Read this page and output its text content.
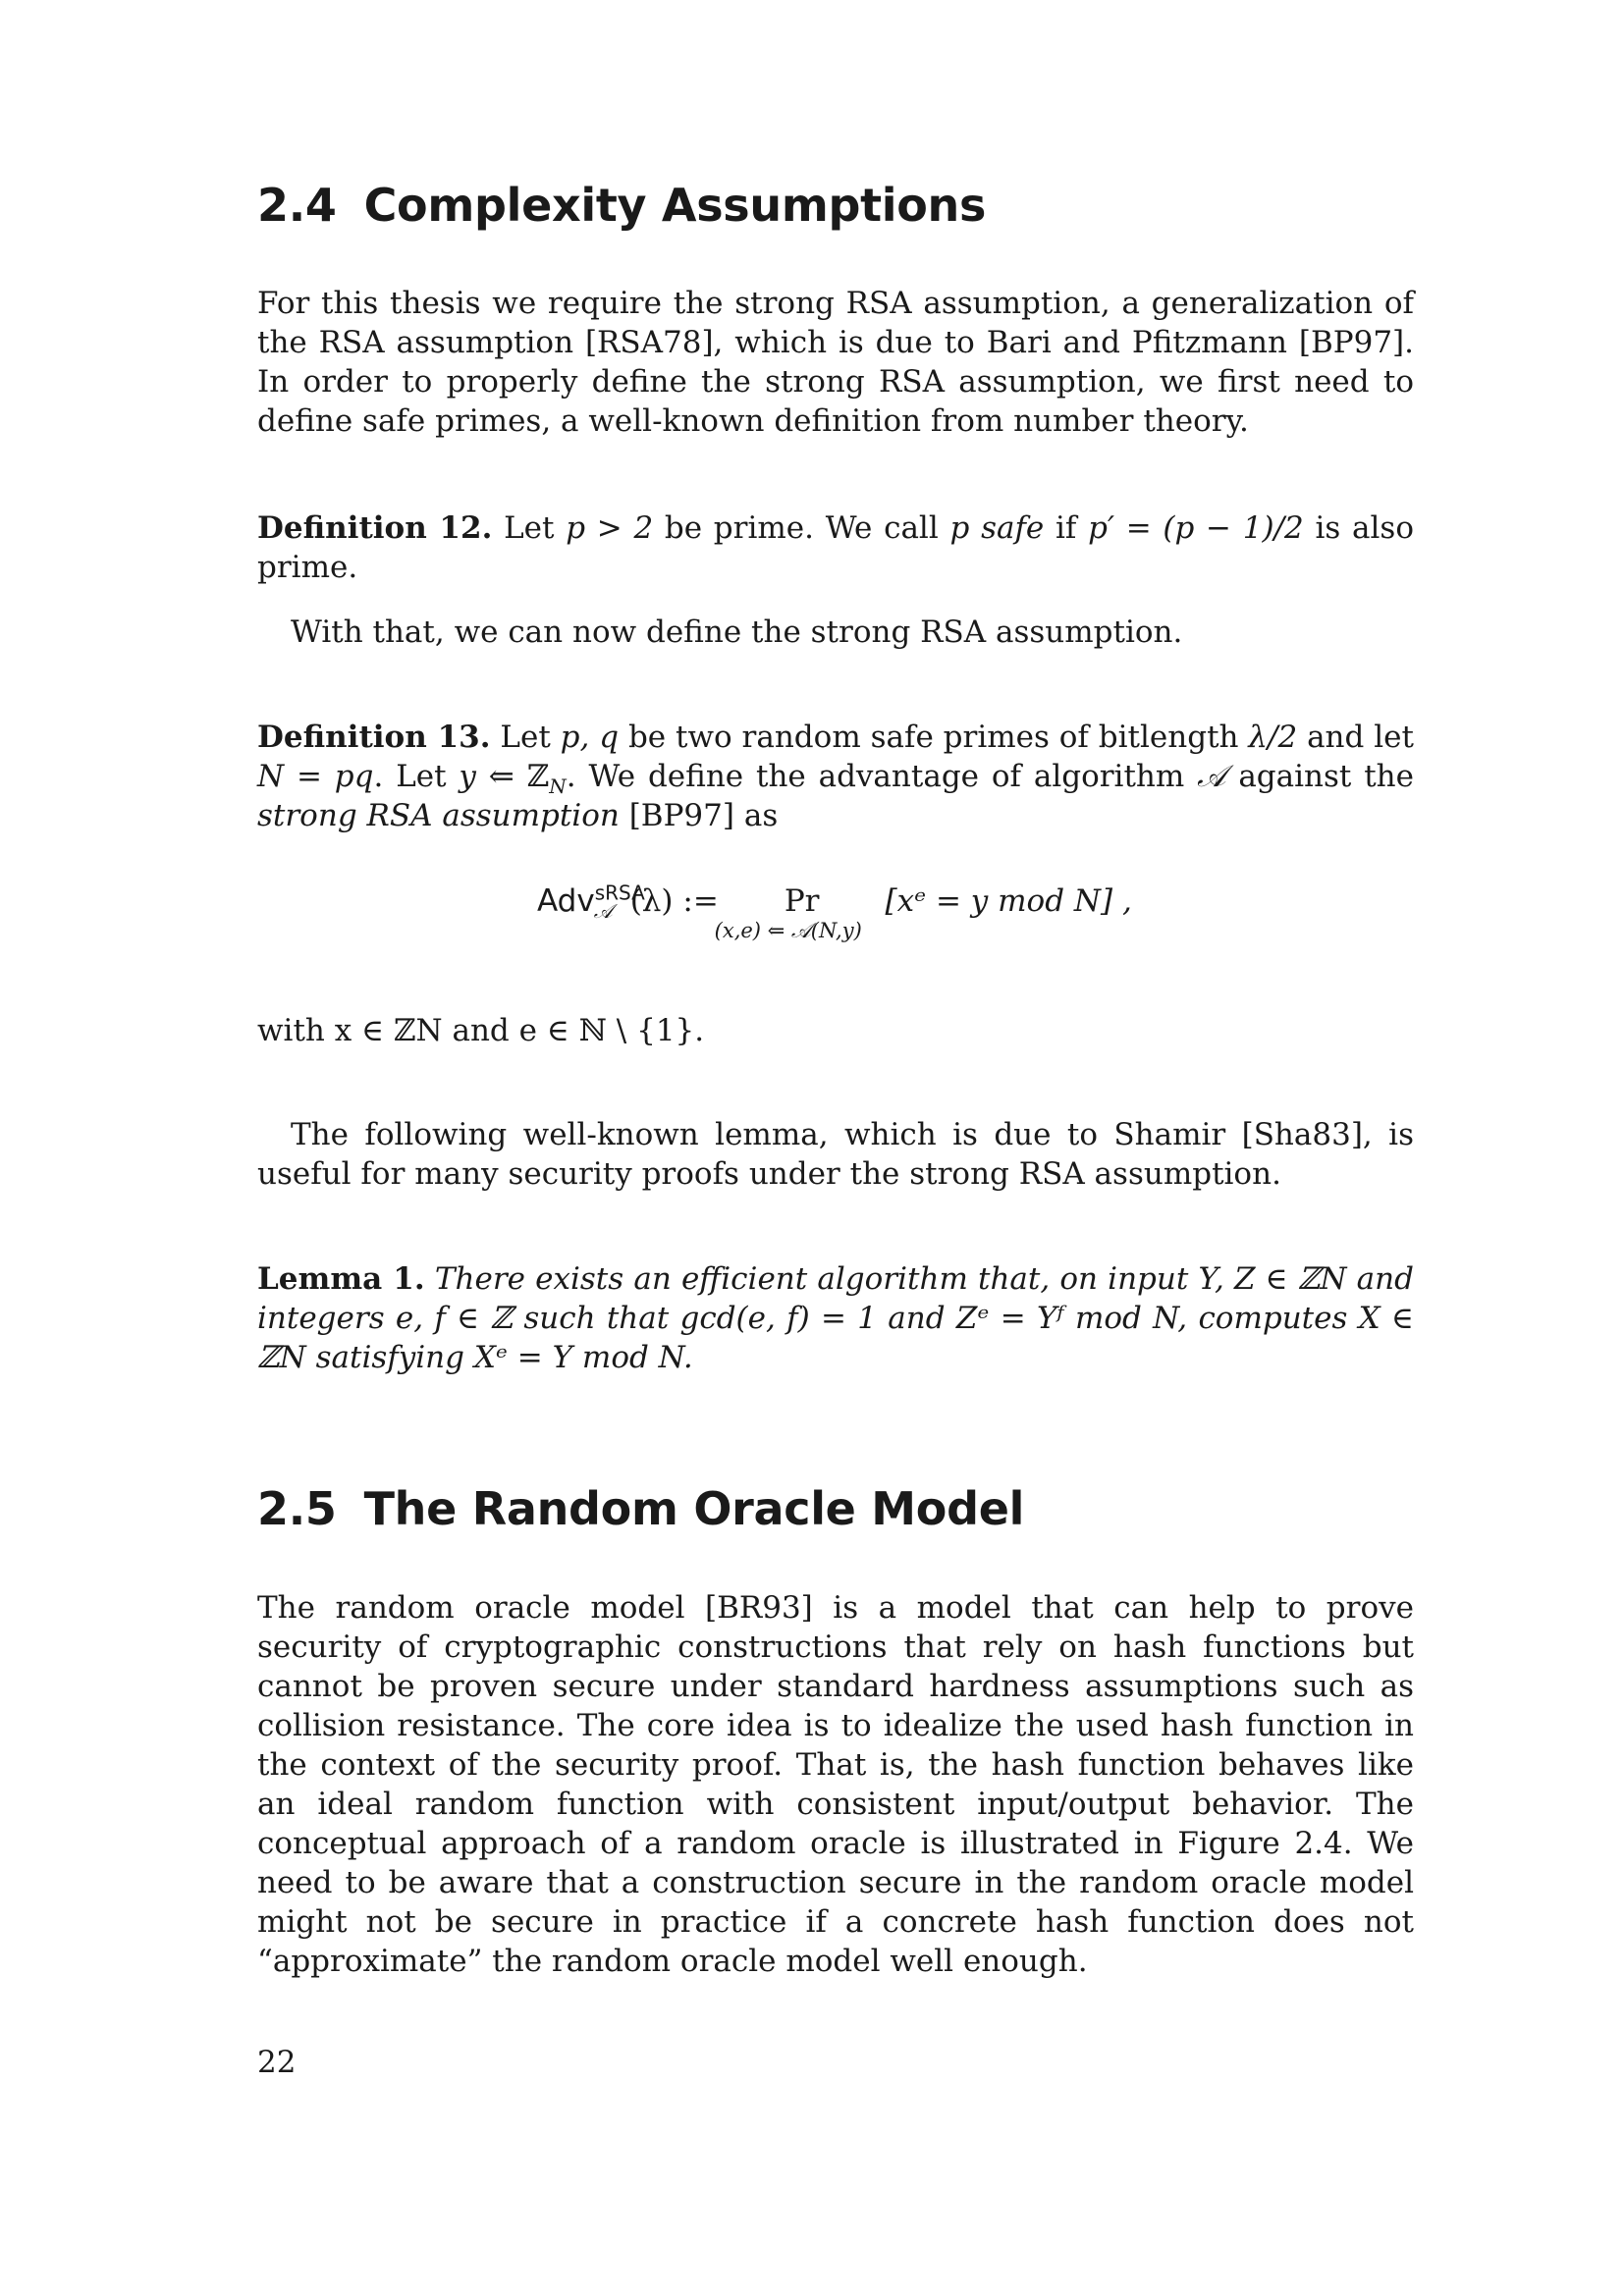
2.4 Complexity Assumptions
For this thesis we require the strong RSA assumption, a generalization of the RSA assumption [RSA78], which is due to Bari and Pfitzmann [BP97]. In order to properly define the strong RSA assumption, we first need to define safe primes, a well-known definition from number theory.
Definition 12. Let p > 2 be prime. We call p safe if p′ = (p − 1)/2 is also prime.
With that, we can now define the strong RSA assumption.
Definition 13. Let p, q be two random safe primes of bitlength λ/2 and let N = pq. Let y ⇐ ℤ$_N$. We define the advantage of algorithm 𝒜 against the strong RSA assumption [BP97] as
Adv$^{sRSA}_𝒜$ (λ) := Pr
(x,e) ⇐ 𝒜(N,y)
[xᵉ = y mod N] ,
with x ∈ ℤN and e ∈ ℕ \ {1}.
The following well-known lemma, which is due to Shamir [Sha83], is useful for many security proofs under the strong RSA assumption.
Lemma 1. There exists an efficient algorithm that, on input Y, Z ∈ ℤN and integers e, f ∈ ℤ such that gcd(e, f) = 1 and Zᵉ = Yᶠ mod N, computes X ∈ ℤN satisfying Xᵉ = Y mod N.
2.5 The Random Oracle Model
The random oracle model [BR93] is a model that can help to prove security of cryptographic constructions that rely on hash functions but cannot be proven secure under standard hardness assumptions such as collision resistance. The core idea is to idealize the used hash function in the context of the security proof. That is, the hash function behaves like an ideal random function with consistent input/output behavior. The conceptual approach of a random oracle is illustrated in Figure 2.4. We need to be aware that a construction secure in the random oracle model might not be secure in practice if a concrete hash function does not “approximate” the random oracle model well enough.
22
